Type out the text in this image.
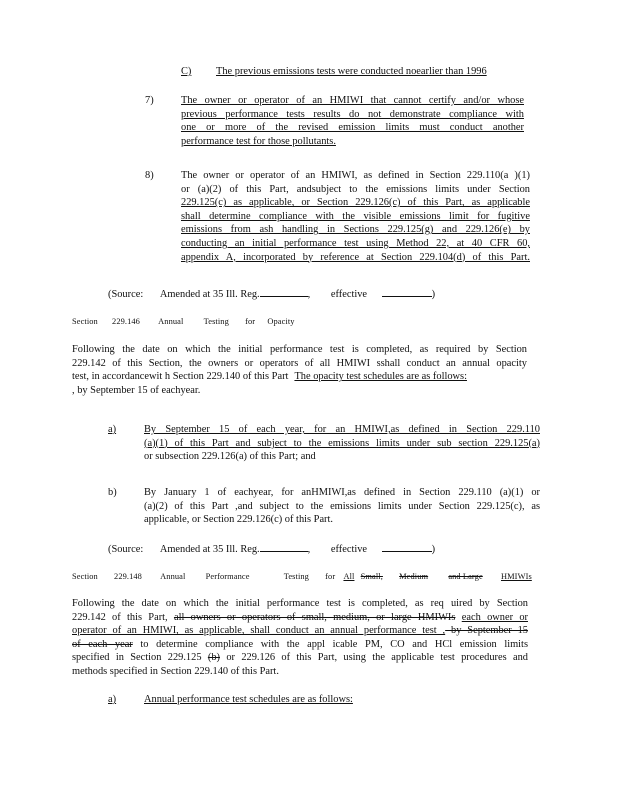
C) The previous emissions tests were conducted noearlier than 1996
7)	The owner or operator of an HMIWI that cannot certify and/or whose
previous performance tests results do not demonstrate compliance with
one or more of the revised emission limits must conduct another
performance test for those pollutants.
8)	The owner or operator of an HMIWI, as defined in Section 229.110(a )(1)
or (a)(2) of this Part, andsubject to the emissions limits under Section
229.125(c) as applicable, or Section 229.126(c) of this Part, as applicable
shall determine compliance with the visible emissions limit for fugitive
emissions from ash handling in Sections 229.125(g) and 229.126(e) by
conducting an initial performance test using Method 22, at 40 CFR 60,
appendix A, incorporated by reference at Section 229.104(d) of this Part.
(Source: Amended at 35 Ill. Reg.	, effective	)
Section 229.146 Annual Testing for Opacity
Following the date on which the initial performance test is completed, as required by Section
229.142 of this Section, the owners or operators of all HMIWI sshall conduct an annual opacity
test, in accordancewit h Section 229.140 of this Part The opacity test schedules are as follows:
, by September 15 of eachyear.
a)	By September 15 of each year, for an HMIWI,as defined in Section 229.110
(a)(1) of this Part and subject to the emissions limits under sub section 229.125(a)
or subsection 229.126(a) of this Part; and
b)	By January 1 of eachyear, for anHMIWI,as defined in Section 229.110 (a)(1) or
(a)(2) of this Part ,and subject to the emissions limits under Section 229.125(c), as
applicable, or Section 229.126(c) of this Part.
(Source: Amended at 35 Ill. Reg.	, effective	)
Section 229.148 Annual Performance	Testing for All Small, Medium and Large HMIWIs
Following the date on which the initial performance test is completed, as req uired by Section
229.142 of this Part, all owners or operators of small, medium, or large HMIWIs each owner or
operator of an HMIWI, as applicable, shall conduct an annual performance test , by September 15
of each year to determine compliance with the appl icable PM, CO and HCl emission limits
specified in Section 229.125 (b) or 229.126 of this Part, using the applicable test procedures and
methods specified in Section 229.140 of this Part.
a)	Annual performance test schedules are as follows:
